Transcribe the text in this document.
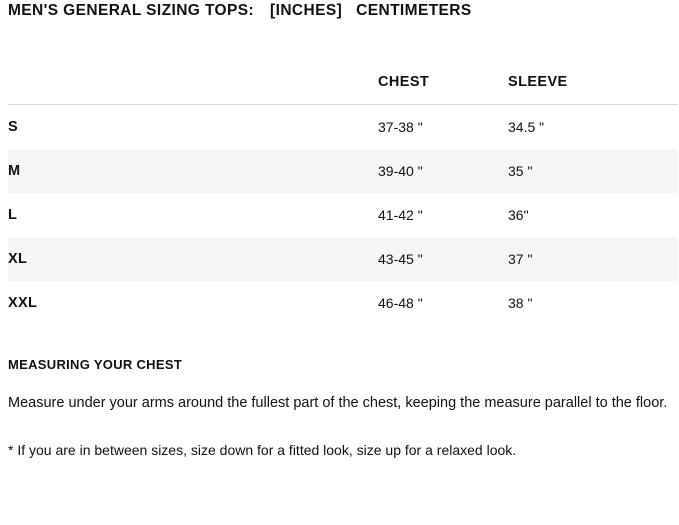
MEN'S GENERAL SIZING TOPS: [INCHES] CENTIMETERS
		CHEST	SLEEVE
S		37-38 "	34.5 "
M		39-40 "	35 "
L		41-42 "	36"
XL		43-45 "	37 "
XXL		46-48 "	38 "

MEASURING YOUR CHEST

Measure under your arms around the fullest part of the chest, keeping the measure parallel to the floor.

* If you are in between sizes, size down for a fitted look, size up for a relaxed look.
